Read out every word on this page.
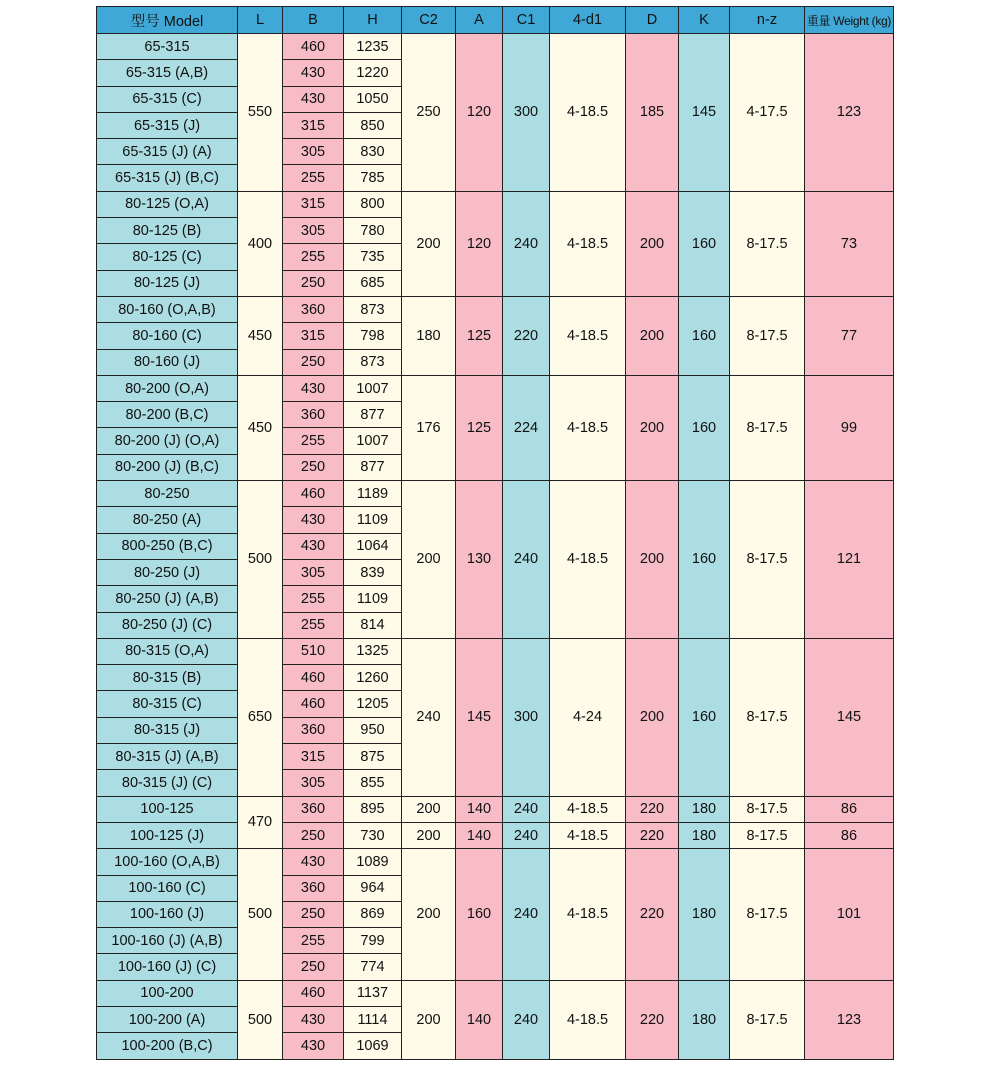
型号 Model	L	B	H	C2	A	C1	4-d1	D	K	n-z	重量 Weight (kg)
65-315	550	460	1235	250	120	300	4-18.5	185	145	4-17.5	123
65-315 (A,B)		430	1220								
65-315 (C)		430	1050								
65-315 (J)		315	850								
65-315 (J) (A)		305	830								
65-315 (J) (B,C)		255	785								
80-125 (O,A)	400	315	800	200	120	240	4-18.5	200	160	8-17.5	73
80-125 (B)		305	780								
80-125 (C)		255	735								
80-125 (J)		250	685								
80-160 (O,A,B)	450	360	873	180	125	220	4-18.5	200	160	8-17.5	77
80-160 (C)		315	798								
80-160 (J)		250	873								
80-200 (O,A)	450	430	1007	176	125	224	4-18.5	200	160	8-17.5	99
80-200 (B,C)		360	877								
80-200 (J) (O,A)		255	1007								
80-200 (J) (B,C)		250	877								
80-250	500	460	1189	200	130	240	4-18.5	200	160	8-17.5	121
80-250 (A)		430	1109								
800-250 (B,C)		430	1064								
80-250 (J)		305	839								
80-250 (J) (A,B)		255	1109								
80-250 (J) (C)		255	814								
80-315 (O,A)	650	510	1325	240	145	300	4-24	200	160	8-17.5	145
80-315 (B)		460	1260								
80-315 (C)		460	1205								
80-315 (J)		360	950								
80-315 (J) (A,B)		315	875								
80-315 (J) (C)		305	855								
100-125	470	360	895	200	140	240	4-18.5	220	180	8-17.5	86
100-125 (J)		250	730	200	140	240	4-18.5	220	180	8-17.5	86
100-160 (O,A,B)	500	430	1089	200	160	240	4-18.5	220	180	8-17.5	101
100-160 (C)		360	964								
100-160 (J)		250	869								
100-160 (J) (A,B)		255	799								
100-160 (J) (C)		250	774								
100-200	500	460	1137	200	140	240	4-18.5	220	180	8-17.5	123
100-200 (A)		430	1114								
100-200 (B,C)		430	1069								
